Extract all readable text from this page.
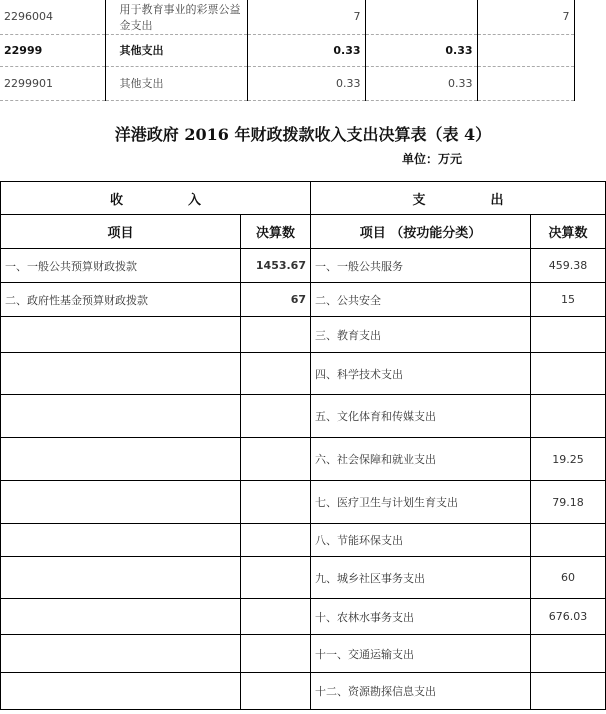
2296004	用于教育事业的彩票公益金支出	7		7
22999	其他支出	0.33	0.33	
2299901	其他支出	0.33	0.33	
洋港政府 2016 年财政拨款收入支出决算表（表 4）
单位：万元
收　　　　　入		支　　　　　出	
项目	决算数	项目 （按功能分类）	决算数
一、一般公共预算财政拨款	1453.67	一、一般公共服务	459.38
二、政府性基金预算财政拨款	67	二、公共安全	15
		三、教育支出	
		四、科学技术支出	
		五、文化体育和传媒支出	
		六、社会保障和就业支出	19.25
		七、医疗卫生与计划生育支出	79.18
		八、节能环保支出	
		九、城乡社区事务支出	60
		十、农林水事务支出	676.03
		十一、交通运输支出	
		十二、资源勘探信息支出	
